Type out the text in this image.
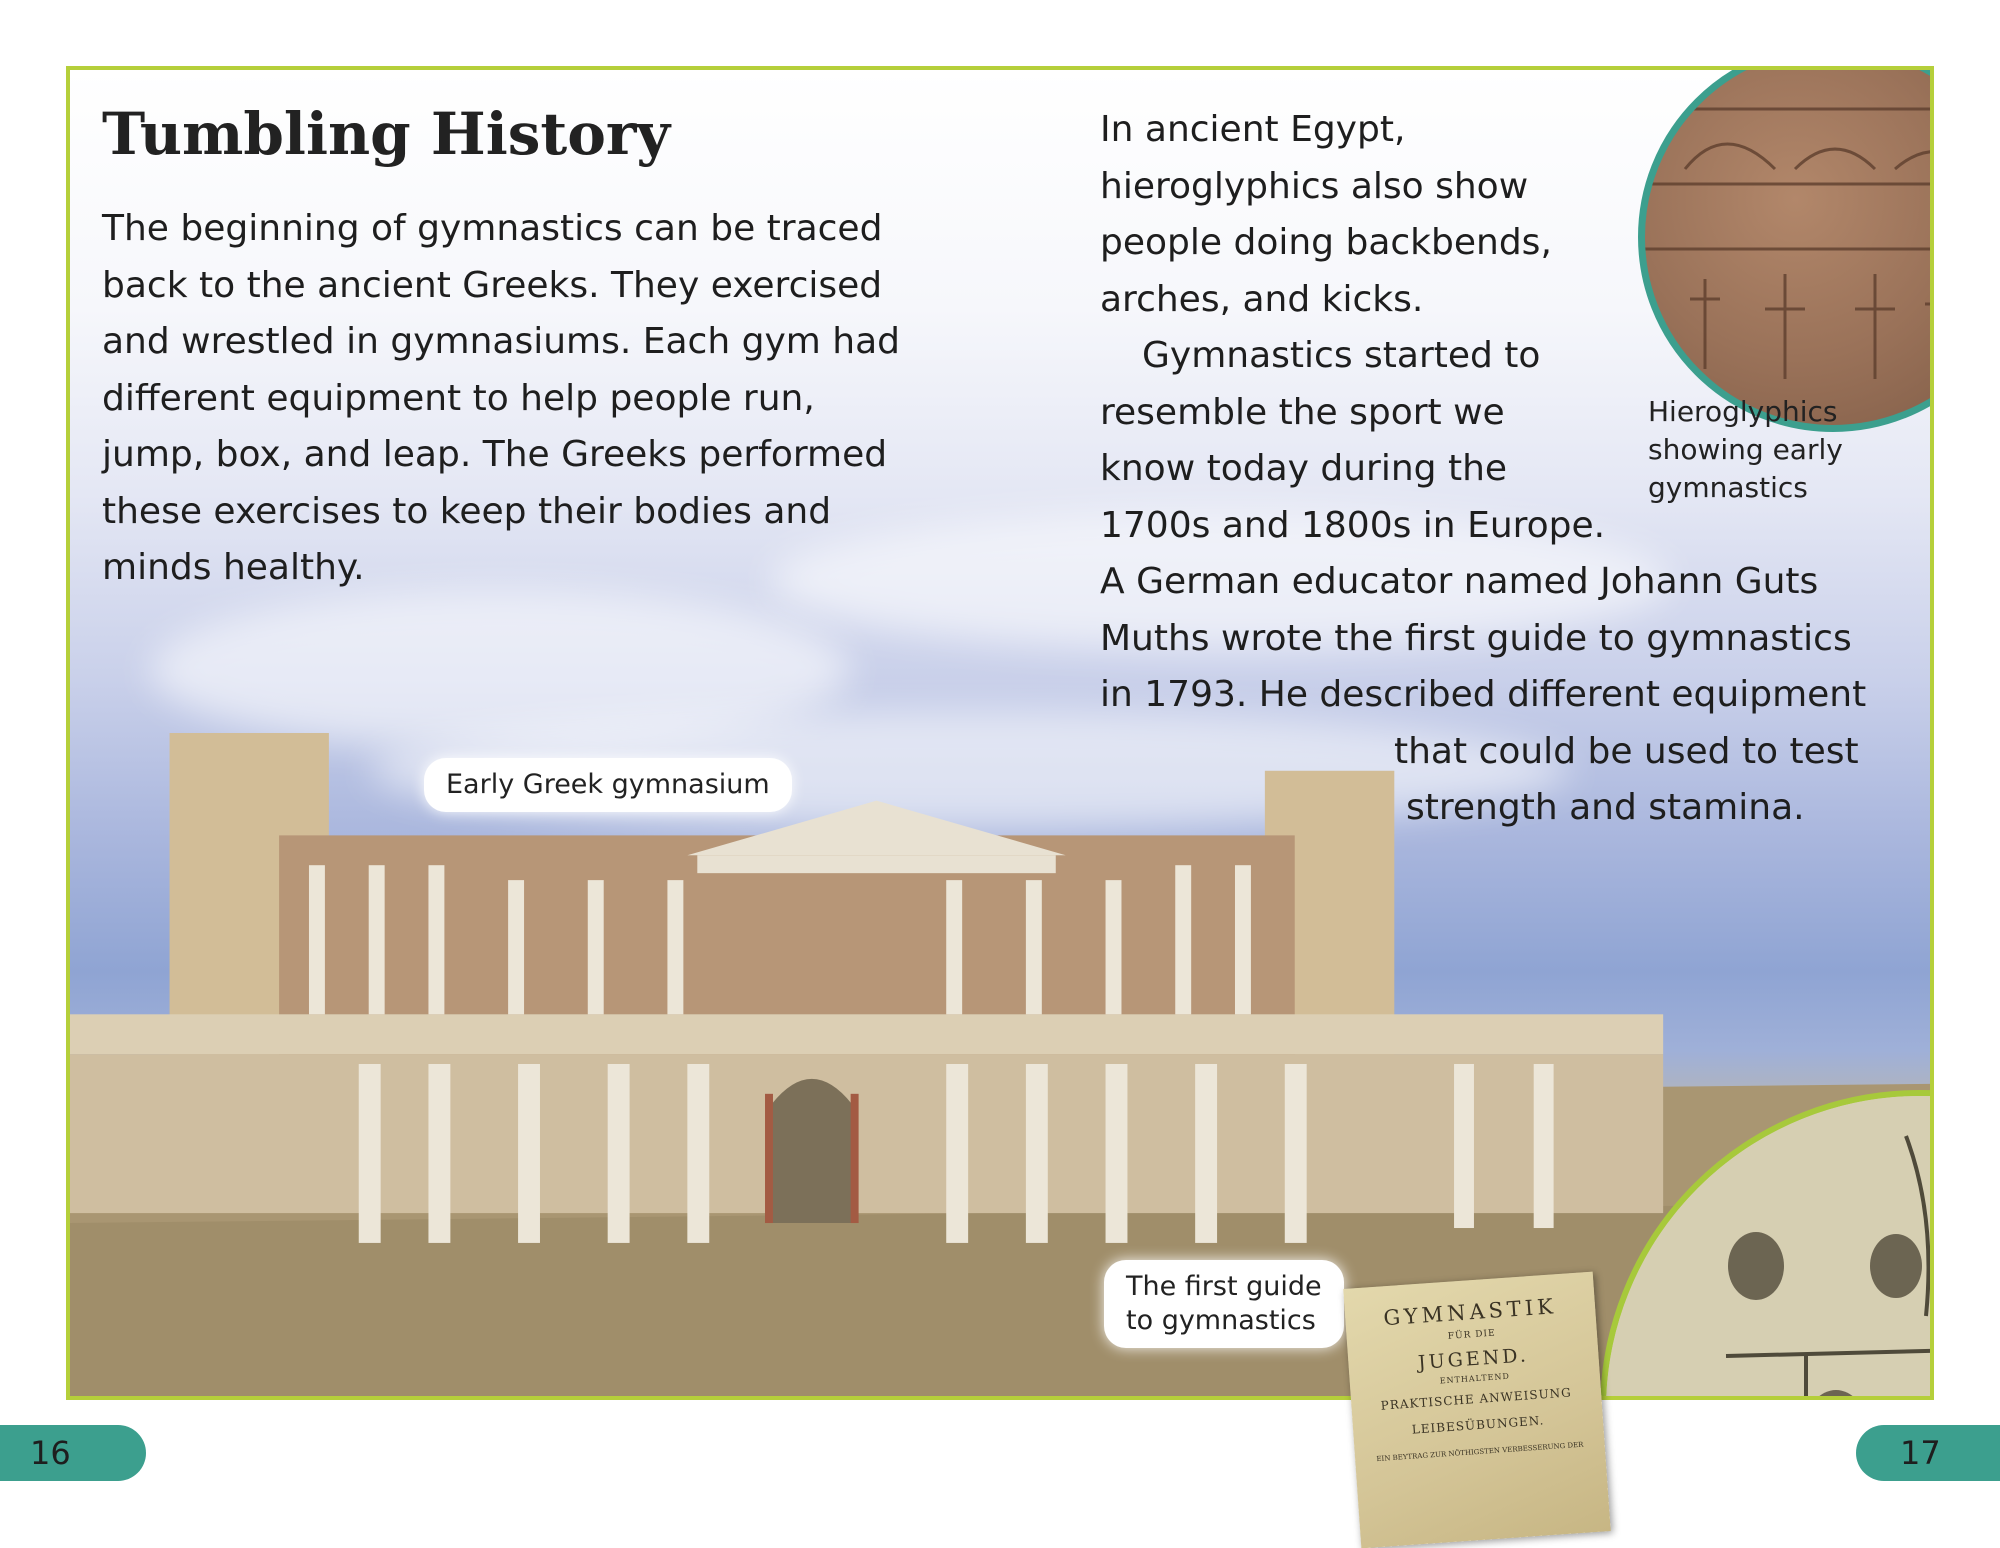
Tumbling History

The beginning of gymnastics can be traced

back to the ancient Greeks. They exercised

and wrestled in gymnasiums. Each gym had

different equipment to help people run,

jump, box, and leap. The Greeks performed

these exercises to keep their bodies and

minds healthy.

In ancient Egypt,

hieroglyphics also show

people doing backbends,

arches, and kicks.

Gymnastics started to

resemble the sport we

know today during the

1700s and 1800s in Europe.

A German educator named Johann Guts

Muths wrote the first guide to gymnastics

in 1793. He described different equipment

that could be used to test

strength and stamina.

Hieroglyphics
showing early
gymnastics
Early Greek gymnasium
The first guide
to gymnastics	GYMNASTIK
FÜR DIE
JUGEND.
ENTHALTEND
PRAKTISCHE ANWEISUNG
LEIBESÜBUNGEN.
EIN BEYTRAG ZUR NÖTHIGSTEN VERBESSERUNG DER
16	17
